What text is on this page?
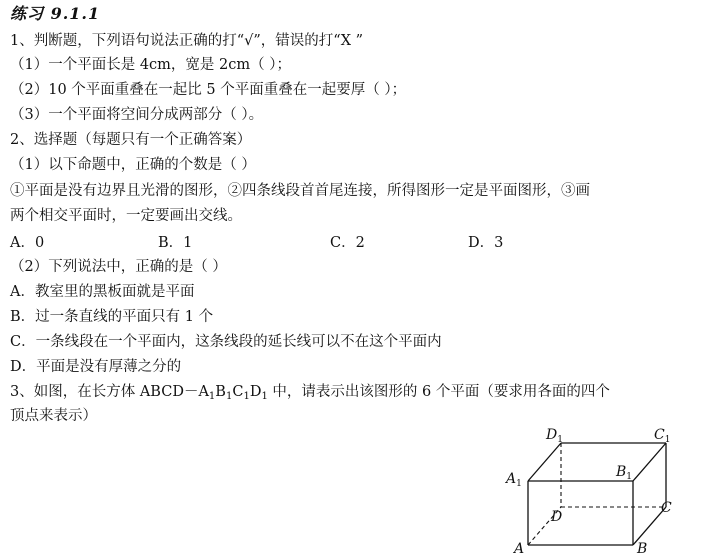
练习 9.1.1
1、判断题，下列语句说法正确的打“√”，错误的打“X ”
（1）一个平面长是 4cm，宽是 2cm（ ）；
（2）10 个平面重叠在一起比 5 个平面重叠在一起要厚（ ）；
（3）一个平面将空间分成两部分（ ）。
2、选择题（每题只有一个正确答案）
（1）以下命题中，正确的个数是（ ）
①平面是没有边界且光滑的图形，②四条线段首首尾连接，所得图形一定是平面图形，③画
两个相交平面时，一定要画出交线。
A．0	B．1	C．2	D．3
（2）下列说法中，正确的是（ ）
A．教室里的黑板面就是平面
B．过一条直线的平面只有 1 个
C．一条线段在一个平面内，这条线段的延长线可以不在这个平面内
D．平面是没有厚薄之分的
3、如图，在长方体 $ABCD-A_1B_1C_1D_1$ 中，请表示出该图形的 6 个平面（要求用各面的四个
顶点来表示）
$D_1$	$C_1$
$A_1$
$B_1$
D
C
A	B
